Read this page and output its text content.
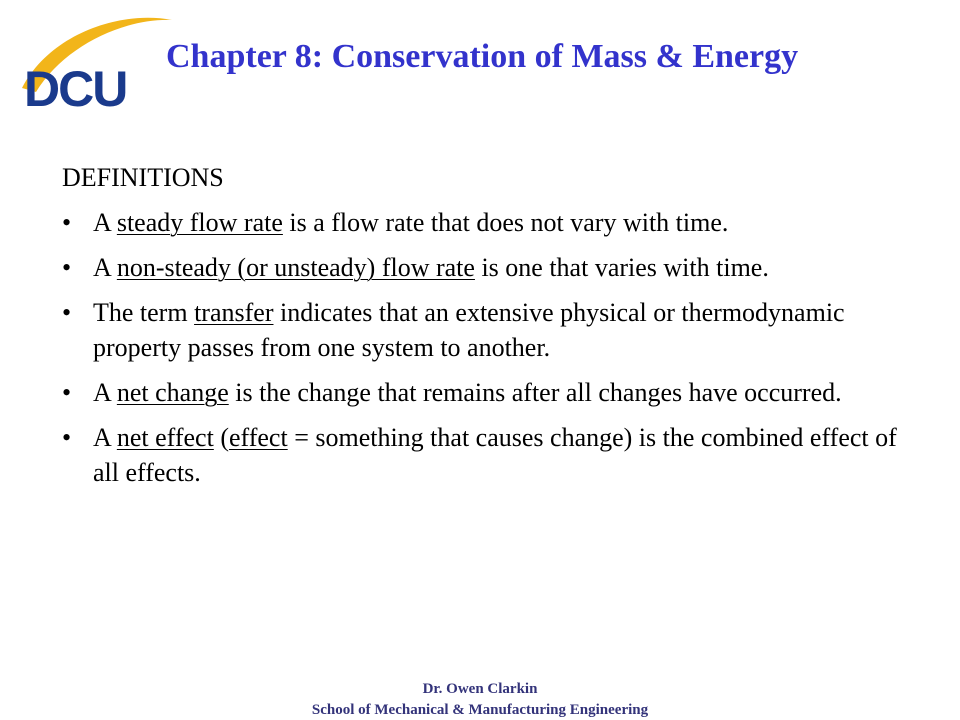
DCU
Chapter 8: Conservation of Mass & Energy

DEFINITIONS

• A steady flow rate is a flow rate that does not vary with time.
• A non-steady (or unsteady) flow rate is one that varies with time.
• The term transfer indicates that an extensive physical or thermodynamic property passes from one system to another.
• A net change is the change that remains after all changes have occurred.
• A net effect (effect = something that causes change) is the combined effect of all effects.
Dr. Owen Clarkin
School of Mechanical & Manufacturing Engineering
